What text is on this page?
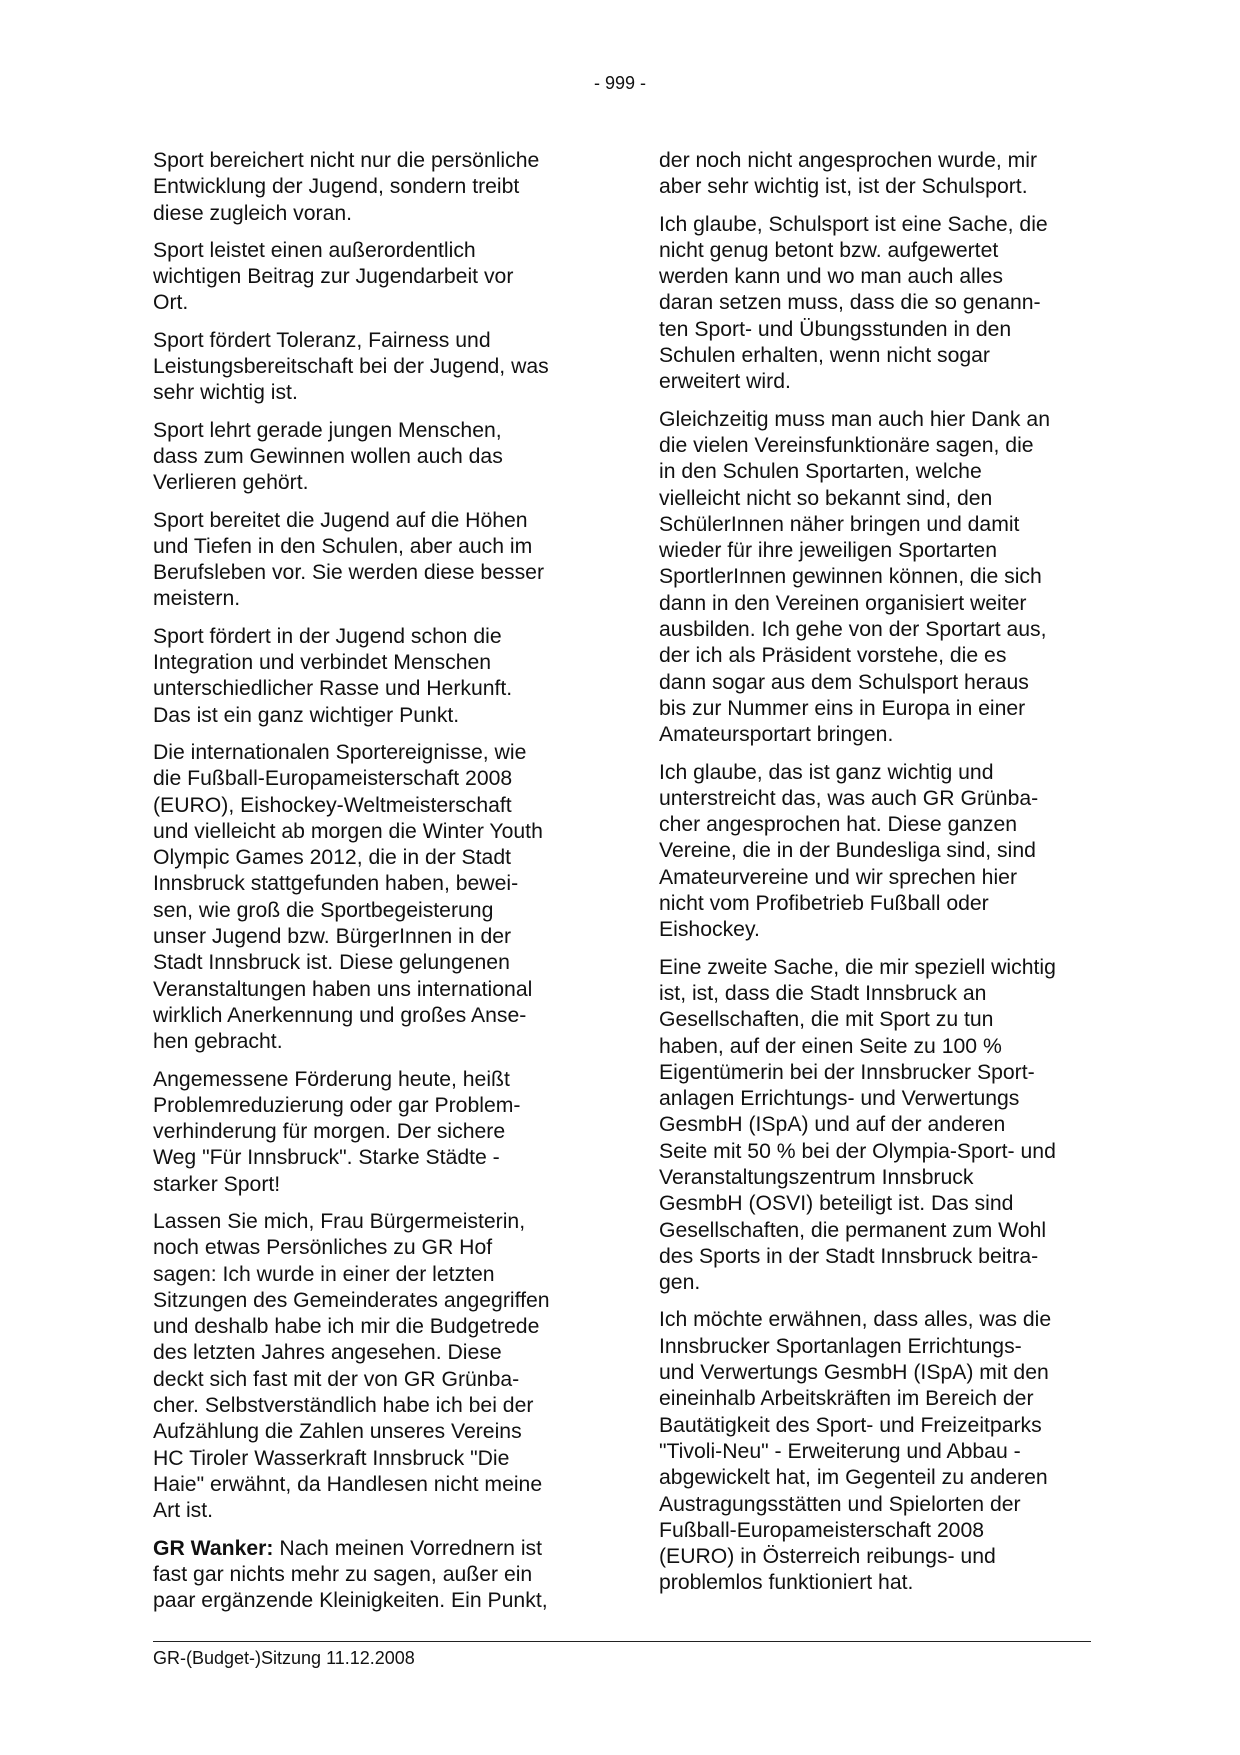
- 999 -

Sport bereichert nicht nur die persönliche
Entwicklung der Jugend, sondern treibt
diese zugleich voran.

Sport leistet einen außerordentlich
wichtigen Beitrag zur Jugendarbeit vor
Ort.

Sport fördert Toleranz, Fairness und
Leistungsbereitschaft bei der Jugend, was
sehr wichtig ist.

Sport lehrt gerade jungen Menschen,
dass zum Gewinnen wollen auch das
Verlieren gehört.

Sport bereitet die Jugend auf die Höhen
und Tiefen in den Schulen, aber auch im
Berufsleben vor. Sie werden diese besser
meistern.

Sport fördert in der Jugend schon die
Integration und verbindet Menschen
unterschiedlicher Rasse und Herkunft.
Das ist ein ganz wichtiger Punkt.

Die internationalen Sportereignisse, wie
die Fußball-Europameisterschaft 2008
(EURO), Eishockey-Weltmeisterschaft
und vielleicht ab morgen die Winter Youth
Olympic Games 2012, die in der Stadt
Innsbruck stattgefunden haben, bewei-
sen, wie groß die Sportbegeisterung
unser Jugend bzw. BürgerInnen in der
Stadt Innsbruck ist. Diese gelungenen
Veranstaltungen haben uns international
wirklich Anerkennung und großes Anse-
hen gebracht.

Angemessene Förderung heute, heißt
Problemreduzierung oder gar Problem-
verhinderung für morgen. Der sichere
Weg "Für Innsbruck". Starke Städte -
starker Sport!

Lassen Sie mich, Frau Bürgermeisterin,
noch etwas Persönliches zu GR Hof
sagen: Ich wurde in einer der letzten
Sitzungen des Gemeinderates angegriffen
und deshalb habe ich mir die Budgetrede
des letzten Jahres angesehen. Diese
deckt sich fast mit der von GR Grünba-
cher. Selbstverständlich habe ich bei der
Aufzählung die Zahlen unseres Vereins
HC Tiroler Wasserkraft Innsbruck "Die
Haie" erwähnt, da Handlesen nicht meine
Art ist.

GR Wanker: Nach meinen Vorrednern ist
fast gar nichts mehr zu sagen, außer ein
paar ergänzende Kleinigkeiten. Ein Punkt,

der noch nicht angesprochen wurde, mir
aber sehr wichtig ist, ist der Schulsport.

Ich glaube, Schulsport ist eine Sache, die
nicht genug betont bzw. aufgewertet
werden kann und wo man auch alles
daran setzen muss, dass die so genann-
ten Sport- und Übungsstunden in den
Schulen erhalten, wenn nicht sogar
erweitert wird.

Gleichzeitig muss man auch hier Dank an
die vielen Vereinsfunktionäre sagen, die
in den Schulen Sportarten, welche
vielleicht nicht so bekannt sind, den
SchülerInnen näher bringen und damit
wieder für ihre jeweiligen Sportarten
SportlerInnen gewinnen können, die sich
dann in den Vereinen organisiert weiter
ausbilden. Ich gehe von der Sportart aus,
der ich als Präsident vorstehe, die es
dann sogar aus dem Schulsport heraus
bis zur Nummer eins in Europa in einer
Amateursportart bringen.

Ich glaube, das ist ganz wichtig und
unterstreicht das, was auch GR Grünba-
cher angesprochen hat. Diese ganzen
Vereine, die in der Bundesliga sind, sind
Amateurvereine und wir sprechen hier
nicht vom Profibetrieb Fußball oder
Eishockey.

Eine zweite Sache, die mir speziell wichtig
ist, ist, dass die Stadt Innsbruck an
Gesellschaften, die mit Sport zu tun
haben, auf der einen Seite zu 100 %
Eigentümerin bei der Innsbrucker Sport-
anlagen Errichtungs- und Verwertungs
GesmbH (ISpA) und auf der anderen
Seite mit 50 % bei der Olympia-Sport- und
Veranstaltungszentrum Innsbruck
GesmbH (OSVI) beteiligt ist. Das sind
Gesellschaften, die permanent zum Wohl
des Sports in der Stadt Innsbruck beitra-
gen.

Ich möchte erwähnen, dass alles, was die
Innsbrucker Sportanlagen Errichtungs-
und Verwertungs GesmbH (ISpA) mit den
eineinhalb Arbeitskräften im Bereich der
Bautätigkeit des Sport- und Freizeitparks
"Tivoli-Neu" - Erweiterung und Abbau -
abgewickelt hat, im Gegenteil zu anderen
Austragungsstätten und Spielorten der
Fußball-Europameisterschaft 2008
(EURO) in Österreich reibungs- und
problemlos funktioniert hat.

GR-(Budget-)Sitzung 11.12.2008
